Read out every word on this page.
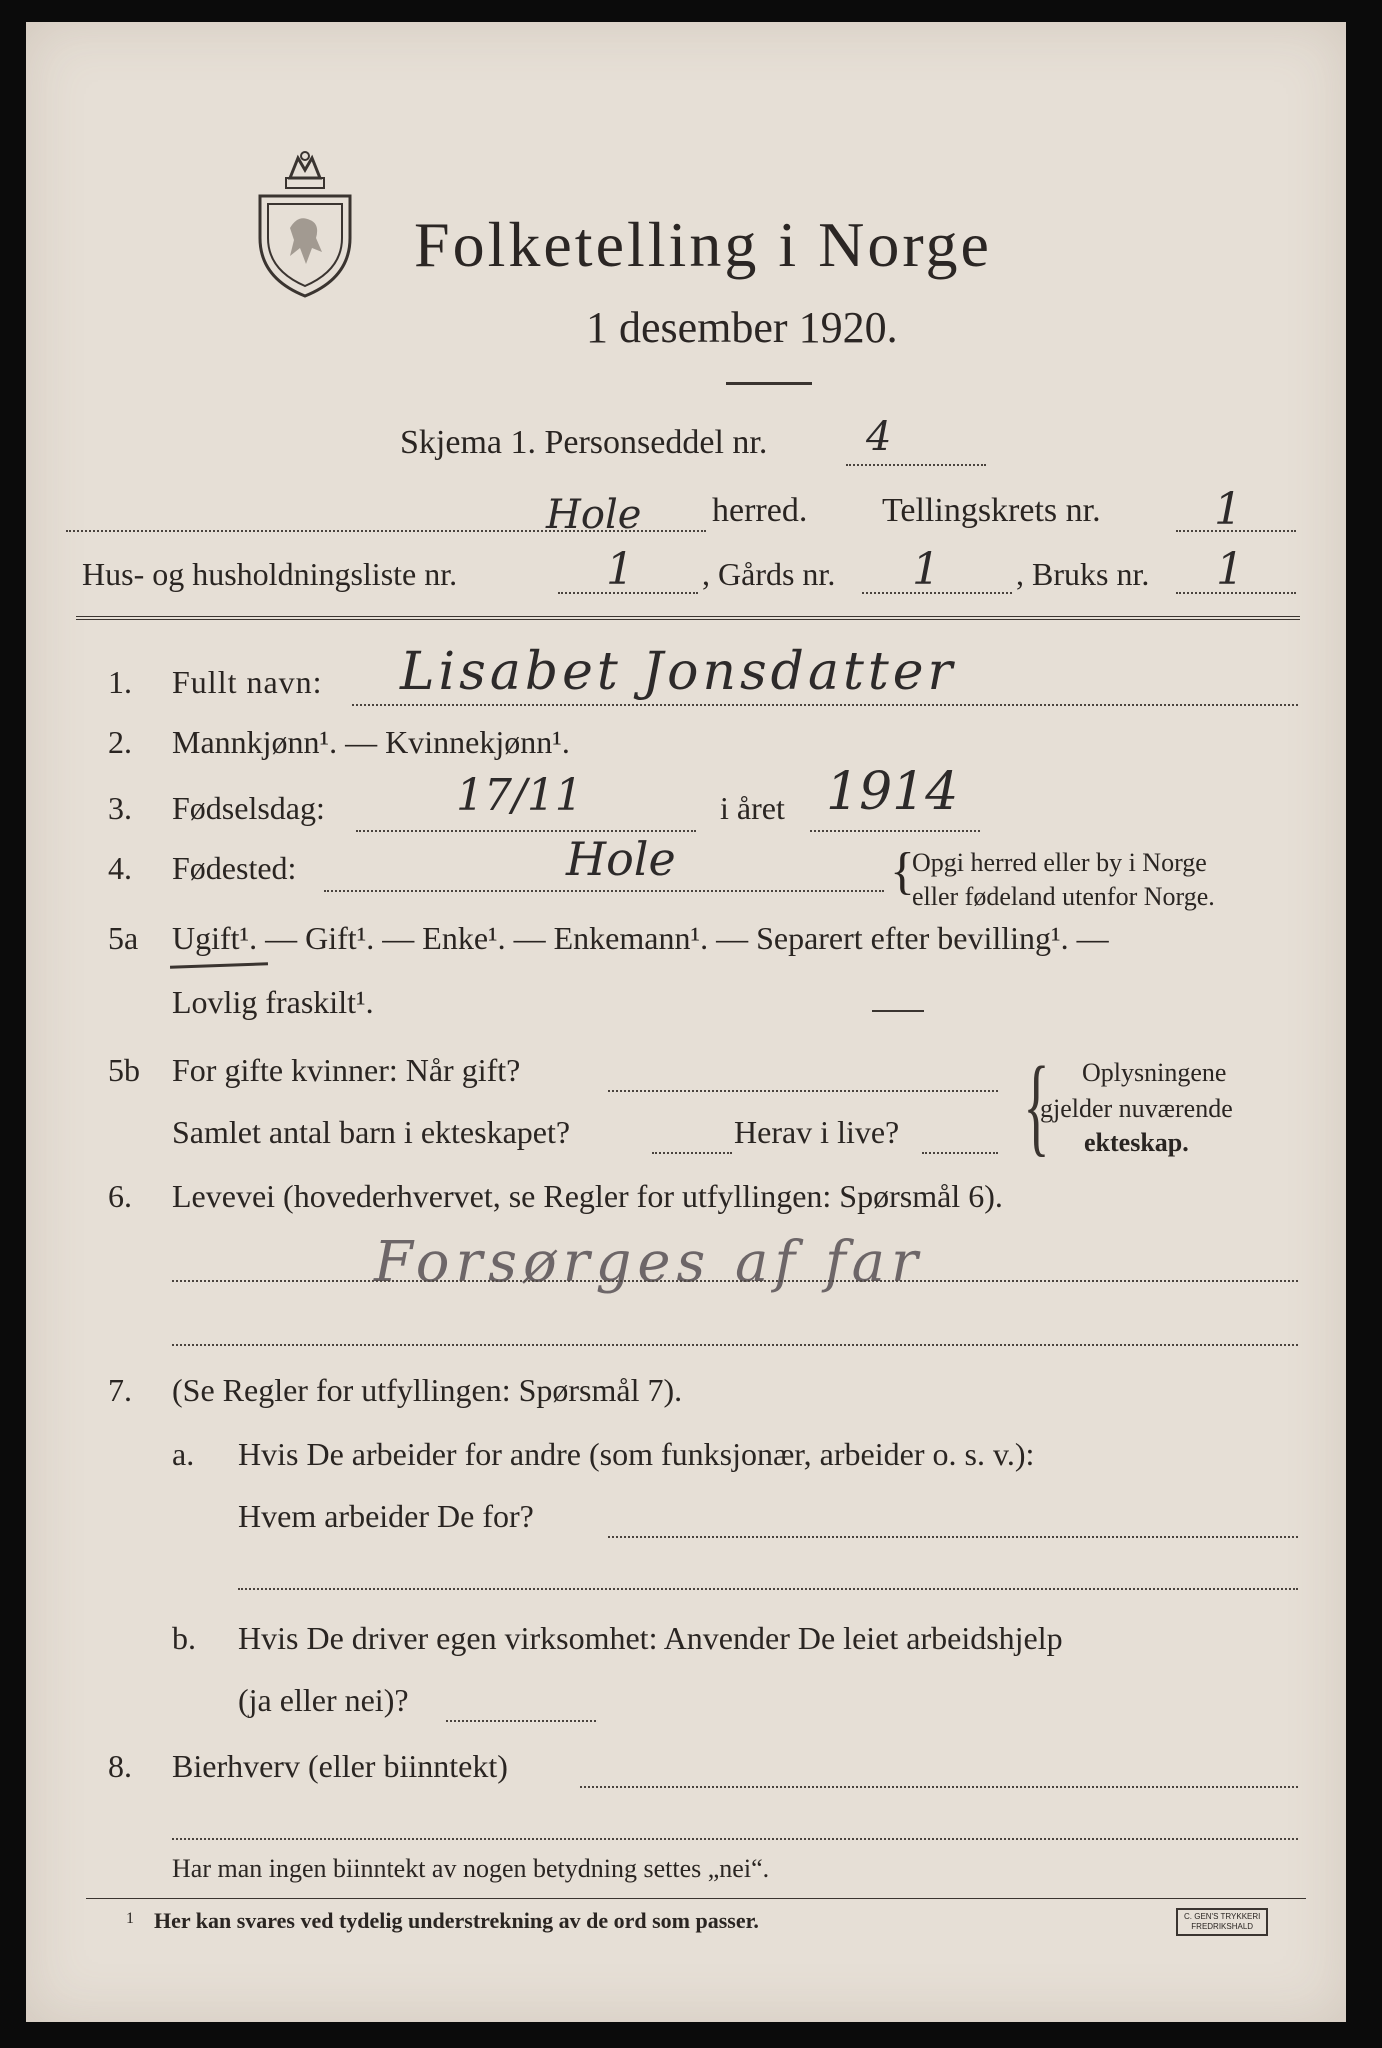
Folketelling i Norge
1 desember 1920.
Skjema 1. Personseddel nr. 4
Hole herred. Tellingskrets nr.	1
Hus- og husholdningsliste nr.	1 , Gårds nr. 1 , Bruks nr. 1
1. Fullt navn: Lisabet Jonsdatter
2. Mannkjønn¹. — Kvinnekjønn¹.
3. Fødselsdag:	17/11	i året 1914
4. Fødested:	Hole	{
Opgi herred eller by i Norge
eller fødeland utenfor Norge.
5a Ugift¹. — Gift¹. — Enke¹. — Enkemann¹. — Separert efter bevilling¹. —
Lovlig fraskilt¹.
5b For gifte kvinner: Når gift?
Samlet antal barn i ekteskapet?	Herav i live? { Oplysningene
gjelder nuværende
ekteskap.
6. Levevei (hovederhvervet, se Regler for utfyllingen: Spørsmål 6).
Forsørges af far
7. (Se Regler for utfyllingen: Spørsmål 7).
a. Hvis De arbeider for andre (som funksjonær, arbeider o. s. v.):
Hvem arbeider De for?
b. Hvis De driver egen virksomhet: Anvender De leiet arbeidshjelp
(ja eller nei)?
8. Bierhverv (eller biinntekt)
Har man ingen biinntekt av nogen betydning settes „nei“.
1 Her kan svares ved tydelig understrekning av de ord som passer.	C. GEN'S TRYKKERI
FREDRIKSHALD
